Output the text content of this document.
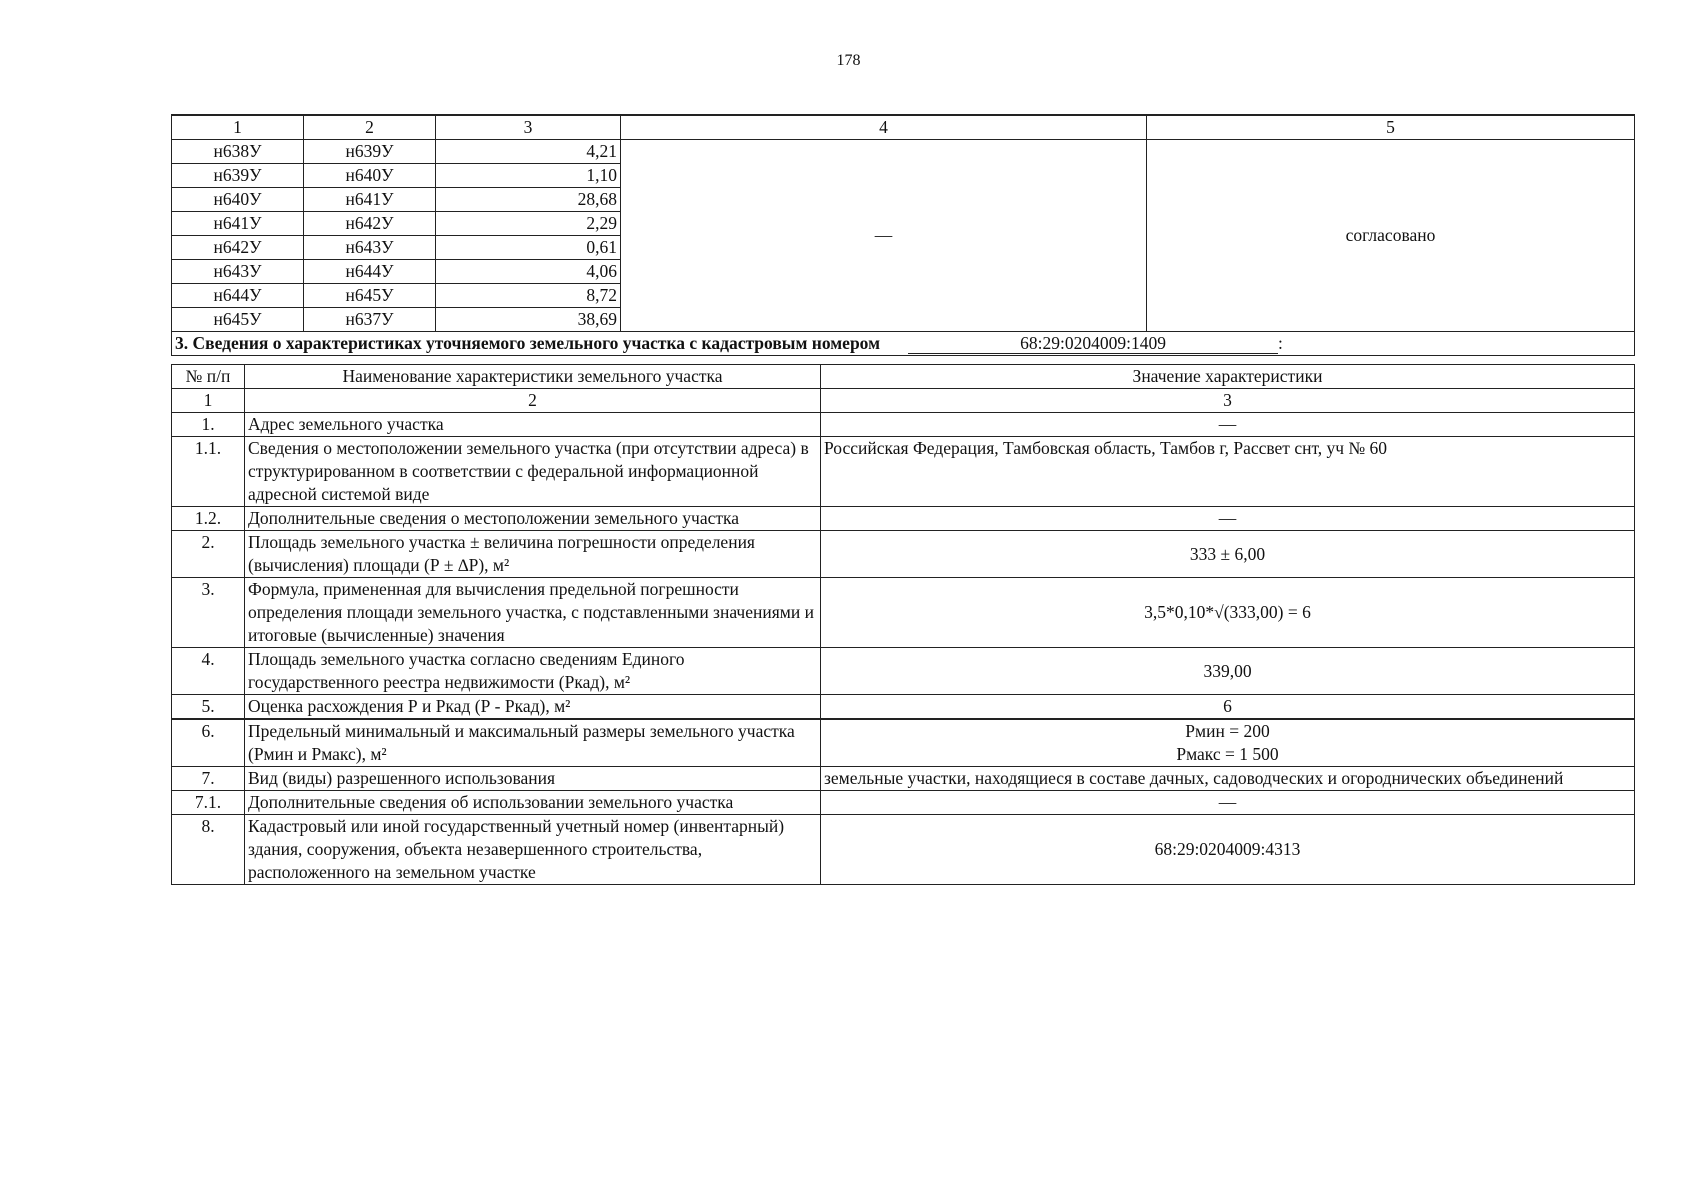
178
1	2	3	4	5
н638У	н639У	4,21	—	согласовано
н639У	н640У	1,10		
н640У	н641У	28,68		
н641У	н642У	2,29		
н642У	н643У	0,61		
н643У	н644У	4,06		
н644У	н645У	8,72		
н645У	н637У	38,69		
3. Сведения о характеристиках уточняемого земельного участка с кадастровым номером 68:29:0204009:1409 :				
№ п/п	Наименование характеристики земельного участка	Значение характеристики
1	2	3
1.	Адрес земельного участка	—
1.1.	Сведения о местоположении земельного участка (при отсутствии адреса) в структурированном в соответствии с федеральной информационной адресной системой виде	Российская Федерация, Тамбовская область, Тамбов г, Рассвет снт, уч № 60
1.2.	Дополнительные сведения о местоположении земельного участка	—
2.	Площадь земельного участка ± величина погрешности определения (вычисления) площади (Р ± ∆Р), м²	333 ± 6,00
3.	Формула, примененная для вычисления предельной погрешности определения площади земельного участка, с подставленными значениями и итоговые (вычисленные) значения	3,5*0,10*√(333,00) = 6
4.	Площадь земельного участка согласно сведениям Единого государственного реестра недвижимости (Ркад), м²	339,00
5.	Оценка расхождения Р и Ркад (Р - Ркад), м²	6
6.	Предельный минимальный и максимальный размеры земельного участка (Рмин и Рмакс), м²	Рмин = 200
Рмакс = 1 500

7.	Вид (виды) разрешенного использования	земельные участки, находящиеся в составе дачных, садоводческих и огороднических объединений
7.1.	Дополнительные сведения об использовании земельного участка	—
8.	Кадастровый или иной государственный учетный номер (инвентарный) здания, сооружения, объекта незавершенного строительства, расположенного на земельном участке	68:29:0204009:4313
